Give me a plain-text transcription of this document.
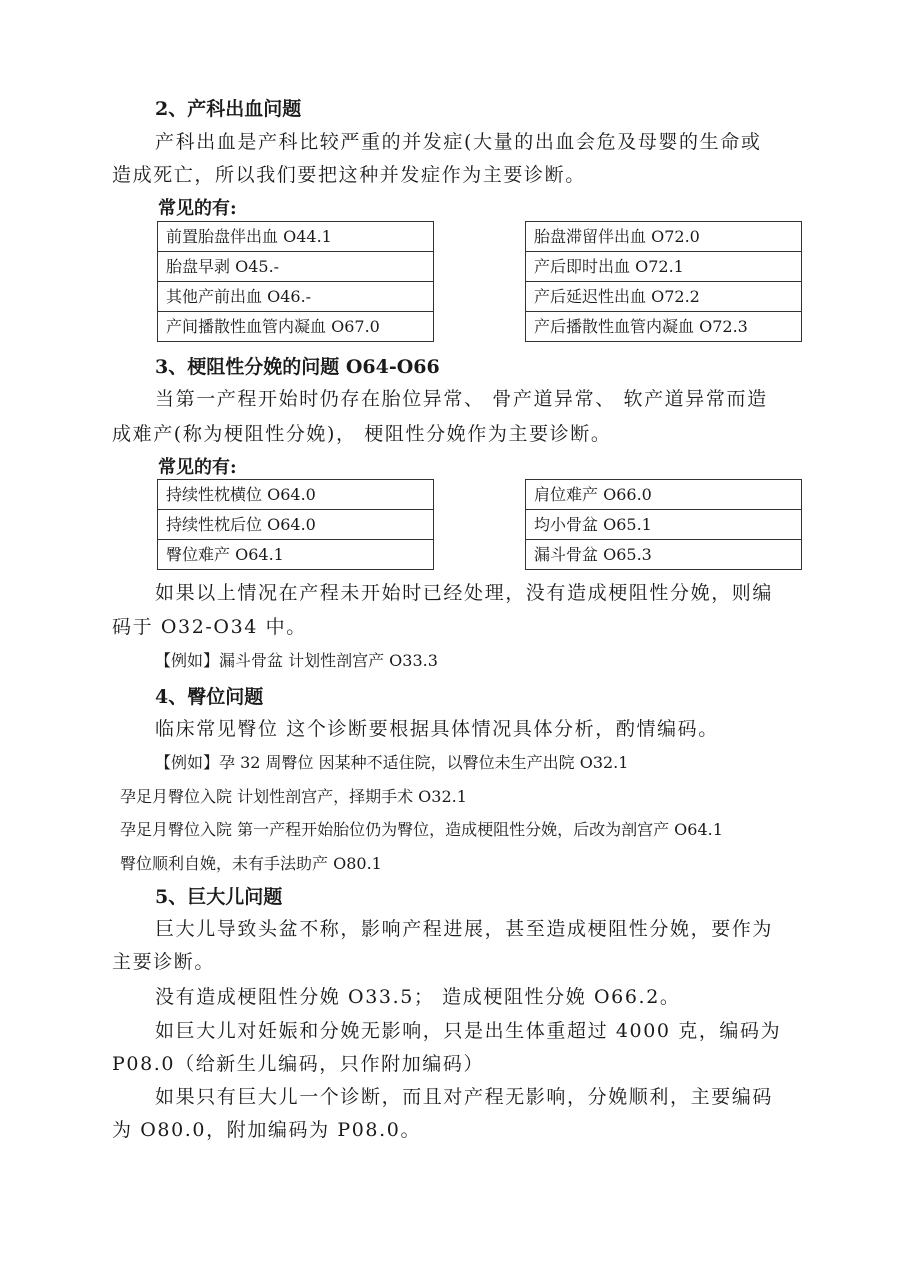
2、产科出血问题
产科出血是产科比较严重的并发症(大量的出血会危及母婴的生命或
造成死亡，所以我们要把这种并发症作为主要诊断。
常见的有:
前置胎盘伴出血 O44.1
胎盘早剥 O45.-
其他产前出血 O46.-
产间播散性血管内凝血 O67.0
胎盘滞留伴出血 O72.0
产后即时出血 O72.1
产后延迟性出血 O72.2
产后播散性血管内凝血 O72.3
3、梗阻性分娩的问题 O64-O66
当第一产程开始时仍存在胎位异常、 骨产道异常、 软产道异常而造
成难产(称为梗阻性分娩)， 梗阻性分娩作为主要诊断。
常见的有:
持续性枕横位 O64.0
持续性枕后位 O64.0
臀位难产 O64.1
肩位难产 O66.0
均小骨盆 O65.1
漏斗骨盆 O65.3
如果以上情况在产程未开始时已经处理，没有造成梗阻性分娩，则编
码于 O32-O34 中。
【例如】漏斗骨盆 计划性剖宫产 O33.3
4、臀位问题
临床常见臀位 这个诊断要根据具体情况具体分析，酌情编码。
【例如】孕 32 周臀位 因某种不适住院，以臀位未生产出院 O32.1
孕足月臀位入院 计划性剖宫产，择期手术 O32.1
孕足月臀位入院 第一产程开始胎位仍为臀位，造成梗阻性分娩，后改为剖宫产 O64.1
臀位顺利自娩，未有手法助产 O80.1
5、巨大儿问题
巨大儿导致头盆不称，影响产程进展，甚至造成梗阻性分娩，要作为
主要诊断。
没有造成梗阻性分娩 O33.5； 造成梗阻性分娩 O66.2。
如巨大儿对妊娠和分娩无影响，只是出生体重超过 4000 克，编码为
P08.0（给新生儿编码，只作附加编码）
如果只有巨大儿一个诊断，而且对产程无影响，分娩顺利，主要编码
为 O80.0，附加编码为 P08.0。
